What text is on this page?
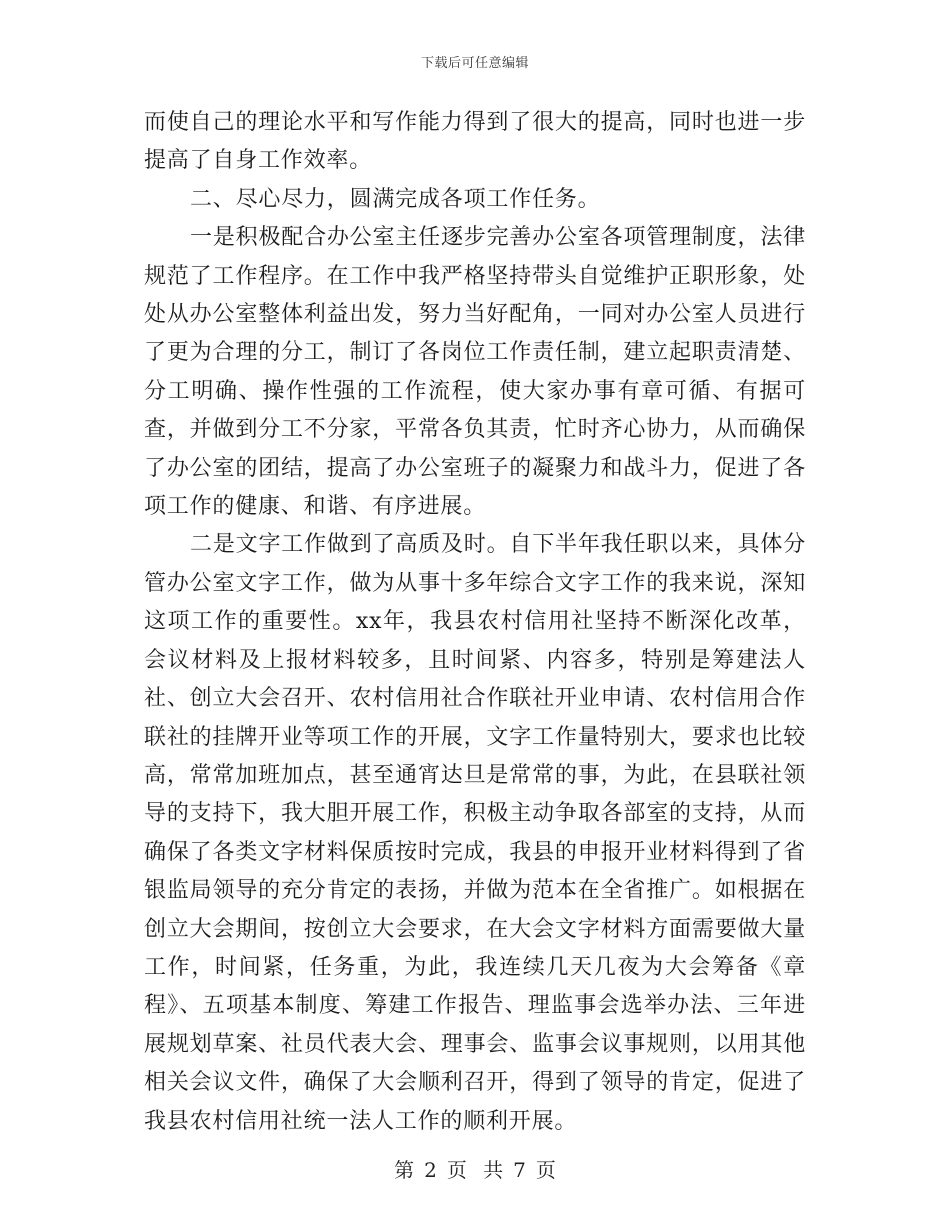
下载后可任意编辑

而使自己的理论水平和写作能力得到了很大的提高，同时也进一步提高了自身工作效率。

二、尽心尽力，圆满完成各项工作任务。

一是积极配合办公室主任逐步完善办公室各项管理制度，法律规范了工作程序。在工作中我严格坚持带头自觉维护正职形象，处处从办公室整体利益出发，努力当好配角，一同对办公室人员进行了更为合理的分工，制订了各岗位工作责任制，建立起职责清楚、分工明确、操作性强的工作流程，使大家办事有章可循、有据可查，并做到分工不分家，平常各负其责，忙时齐心协力，从而确保了办公室的团结，提高了办公室班子的凝聚力和战斗力，促进了各项工作的健康、和谐、有序进展。

二是文字工作做到了高质及时。自下半年我任职以来，具体分管办公室文字工作，做为从事十多年综合文字工作的我来说，深知这项工作的重要性。xx年，我县农村信用社坚持不断深化改革，会议材料及上报材料较多，且时间紧、内容多，特别是筹建法人社、创立大会召开、农村信用社合作联社开业申请、农村信用合作联社的挂牌开业等项工作的开展，文字工作量特别大，要求也比较高，常常加班加点，甚至通宵达旦是常常的事，为此，在县联社领导的支持下，我大胆开展工作，积极主动争取各部室的支持，从而确保了各类文字材料保质按时完成，我县的申报开业材料得到了省银监局领导的充分肯定的表扬，并做为范本在全省推广。如根据在创立大会期间，按创立大会要求，在大会文字材料方面需要做大量工作，时间紧，任务重，为此，我连续几天几夜为大会筹备《章程》、五项基本制度、筹建工作报告、理监事会选举办法、三年进展规划草案、社员代表大会、理事会、监事会议事规则，以用其他相关会议文件，确保了大会顺利召开，得到了领导的肯定，促进了我县农村信用社统一法人工作的顺利开展。

第 2 页 共 7 页
